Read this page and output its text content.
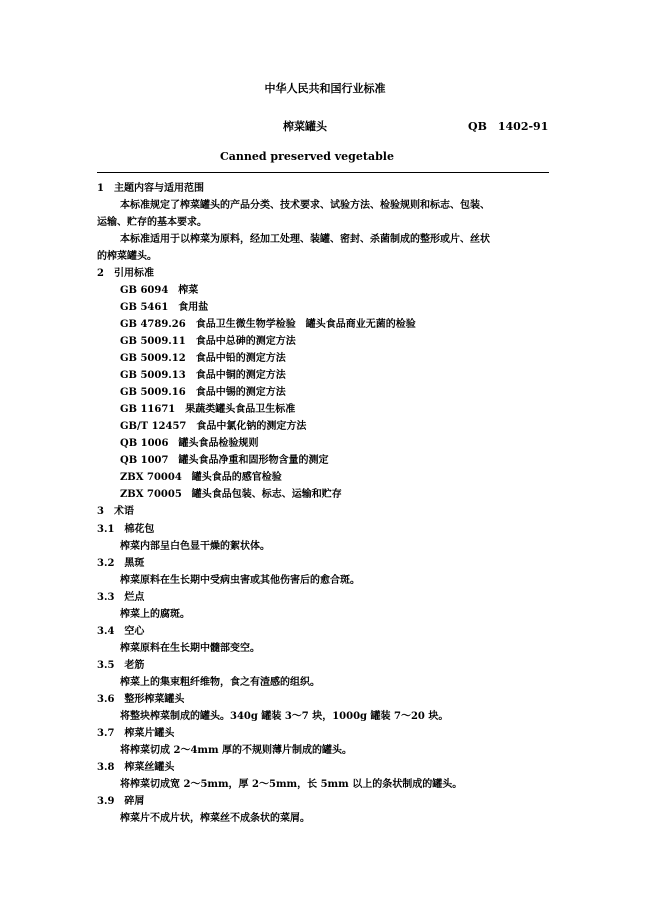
中华人民共和国行业标准
榨菜罐头	QB　1402-91
Canned preserved vegetable
1　主题内容与适用范围
本标准规定了榨菜罐头的产品分类、技术要求、试验方法、检验规则和标志、包装、
运输、贮存的基本要求。
本标准适用于以榨菜为原料，经加工处理、装罐、密封、杀菌制成的整形或片、丝状
的榨菜罐头。
2　引用标准
GB 6094　榨菜
GB 5461　食用盐
GB 4789.26　食品卫生微生物学检验　罐头食品商业无菌的检验
GB 5009.11　食品中总砷的测定方法
GB 5009.12　食品中铅的测定方法
GB 5009.13　食品中铜的测定方法
GB 5009.16　食品中锡的测定方法
GB 11671　果蔬类罐头食品卫生标准
GB/T 12457　食品中氯化钠的测定方法
QB 1006　罐头食品检验规则
QB 1007　罐头食品净重和固形物含量的测定
ZBX 70004　罐头食品的感官检验
ZBX 70005　罐头食品包装、标志、运输和贮存
3　术语
3.1　 棉花包
榨菜内部呈白色显干燥的絮状体。
3.2　 黑斑
榨菜原料在生长期中受病虫害或其他伤害后的愈合斑。
3.3　 烂点
榨菜上的腐斑。
3.4　 空心
榨菜原料在生长期中髓部变空。
3.5　 老筋
榨菜上的集束粗纤维物，食之有渣感的组织。
3.6　 整形榨菜罐头
将整块榨菜制成的罐头。340g 罐装 3～7 块，1000g 罐装 7～20 块。
3.7　 榨菜片罐头
将榨菜切成 2～4mm 厚的不规则薄片制成的罐头。
3.8　 榨菜丝罐头
将榨菜切成宽 2～5mm，厚 2～5mm，长 5mm 以上的条状制成的罐头。
3.9　 碎屑
榨菜片不成片状，榨菜丝不成条状的菜屑。
